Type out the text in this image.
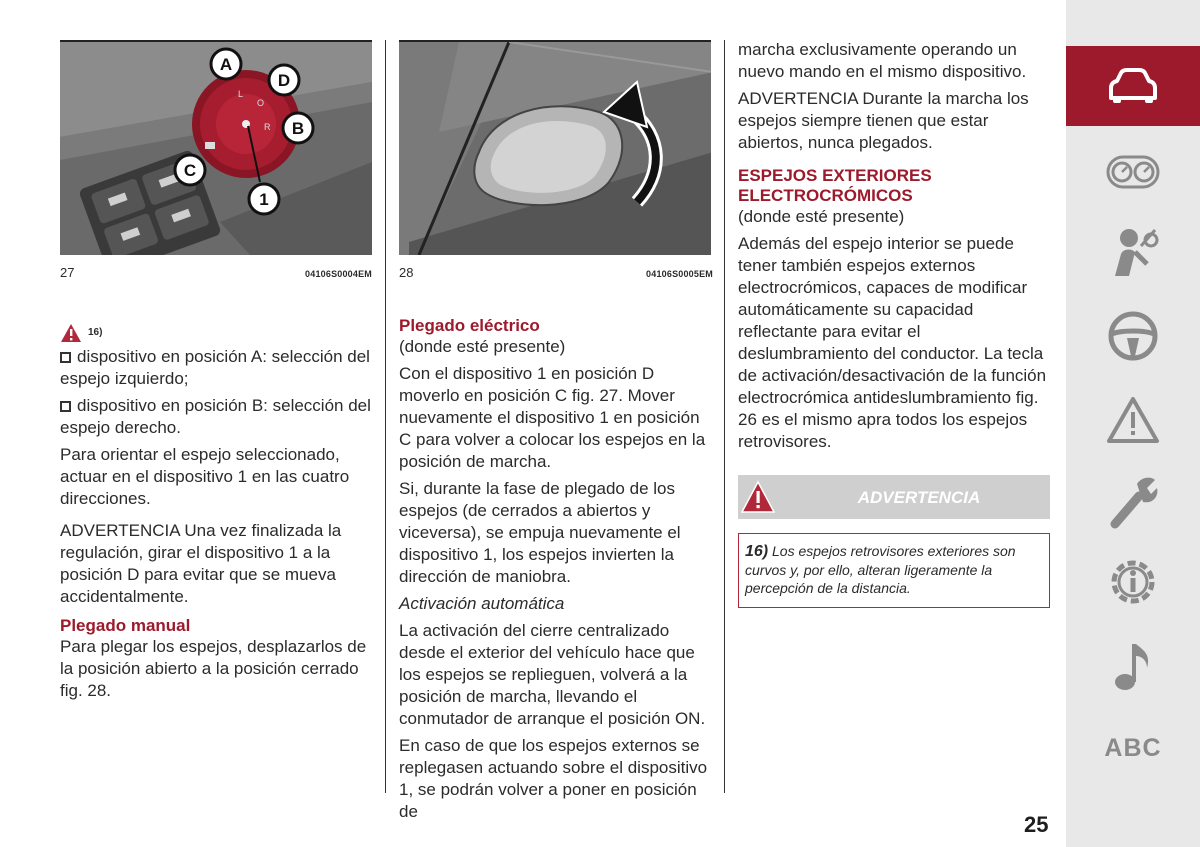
L
O
R
A
D
B
C
1
27	04106S0004EM
16)

dispositivo en posición A: selección del espejo izquierdo;

dispositivo en posición B: selección del espejo derecho.

Para orientar el espejo seleccionado, actuar en el dispositivo 1 en las cuatro direcciones.

ADVERTENCIA Una vez finalizada la regulación, girar el dispositivo 1 a la posición D para evitar que se mueva accidentalmente.

Plegado manual

Para plegar los espejos, desplazarlos de la posición abierto a la posición cerrado fig. 28.

28	04106S0005EM
Plegado eléctrico

(donde esté presente)

Con el dispositivo 1 en posición D moverlo en posición C fig. 27. Mover nuevamente el dispositivo 1 en posición C para volver a colocar los espejos en la posición de marcha.

Si, durante la fase de plegado de los espejos (de cerrados a abiertos y viceversa), se empuja nuevamente el dispositivo 1, los espejos invierten la dirección de maniobra.

Activación automática

La activación del cierre centralizado desde el exterior del vehículo hace que los espejos se replieguen, volverá a la posición de marcha, llevando el conmutador de arranque el posición ON.

En caso de que los espejos externos se replegasen actuando sobre el dispositivo 1, se podrán volver a poner en posición de

marcha exclusivamente operando un nuevo mando en el mismo dispositivo.

ADVERTENCIA Durante la marcha los espejos siempre tienen que estar abiertos, nunca plegados.

ESPEJOS EXTERIORES ELECTROCRÓMICOS

(donde esté presente)

Además del espejo interior se puede tener también espejos externos electrocrómicos, capaces de modificar automáticamente su capacidad reflectante para evitar el deslumbramiento del conductor. La tecla de activación/desactivación de la función electrocrómica antideslumbramiento fig. 26 es el mismo apra todos los espejos retrovisores.

ADVERTENCIA
16) Los espejos retrovisores exteriores son curvos y, por ello, alteran ligeramente la percepción de la distancia.
ABC
25
